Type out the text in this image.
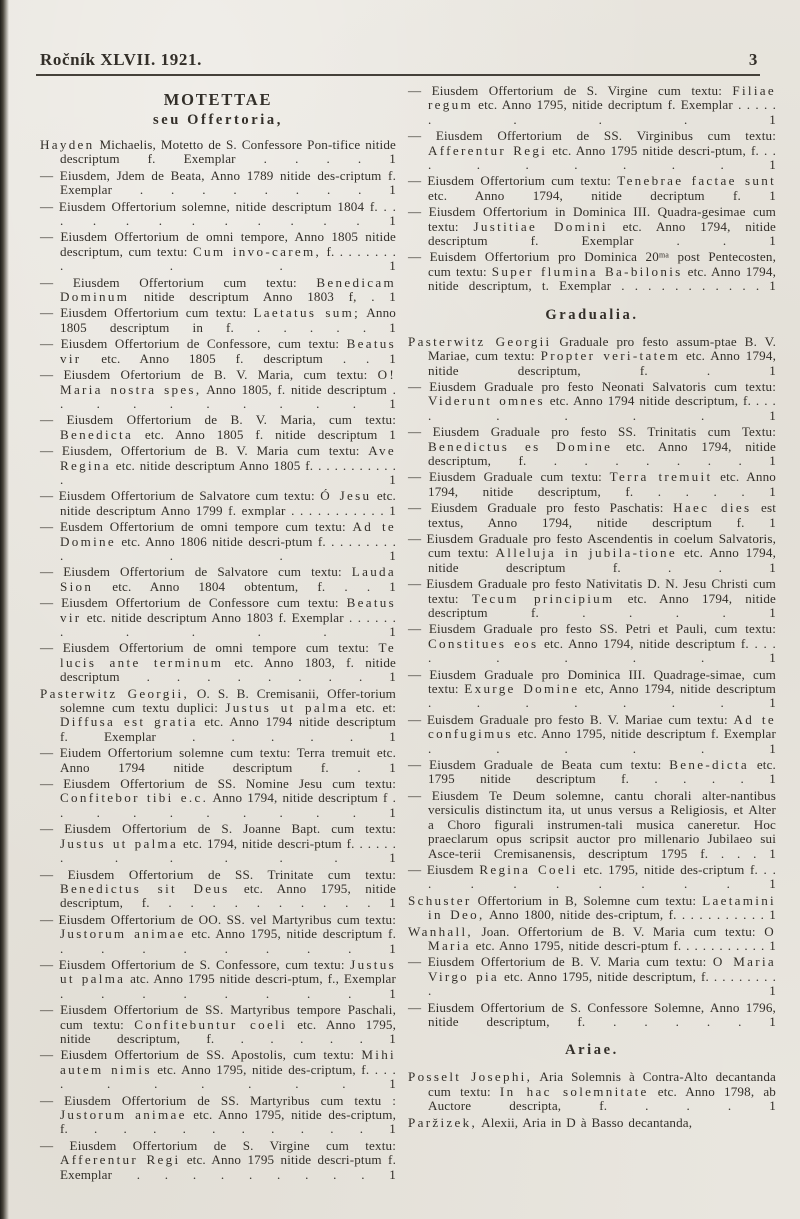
Ročník XLVII. 1921.	3
MOTETTAE
seu Offertoria,

Hayden Michaelis, Motetto de S. Confessore Pon-tifice nitide descriptum f. Exemplar . . . . 1

— Eiusdem, Jdem de Beata, Anno 1789 nitide des-criptum f. Exemplar . . . . . . . . 1

— Eiusdem Offertorium solemne, nitide descriptum 1804 f. . . . . . . . . . . . . 1

— Eiusdem Offertorium de omni tempore, Anno 1805 nitide descriptum, cum textu: Cum invo-carem, f. . . . . . . . . . . 1

— Eiusdem Offertorium cum textu: Benedicam Dominum nitide descriptum Anno 1803 f, . 1

— Eiusdem Offertorium cum textu: Laetatus sum; Anno 1805 descriptum in f. . . . . . 1

— Eiusdem Offertorium de Confessore, cum textu: Beatus vir etc. Anno 1805 f. descriptum . . 1

— Eiusdem Ofertorium de B. V. Maria, cum textu: O! Maria nostra spes, Anno 1805, f. nitide descriptum . . . . . . . . . . 1

— Eiusdem Offertorium de B. V. Maria, cum textu: Benedicta etc. Anno 1805 f. nitide descriptum 1

— Eiusdem, Offertorium de B. V. Maria cum textu: Ave Regina etc. nitide descriptum Anno 1805 f. . . . . . . . . . . . 1

— Eiusdem Offertorium de Salvatore cum textu: Ó Jesu etc. nitide descriptum Anno 1799 f. exmplar . . . . . . . . . . . 1

— Eusdem Offertorium de omni tempore cum textu: Ad te Domine etc. Anno 1806 nitide descri-ptum f. . . . . . . . . . . . 1

— Eiusdem Offertorium de Salvatore cum textu: Lauda Sion etc. Anno 1804 obtentum, f. . . 1

— Eiusdem Offertorium de Confessore cum textu: Beatus vir etc. nitide descriptum Anno 1803 f. Exemplar . . . . . . . . . . . 1

— Eiusdem Offertorium de omni tempore cum textu: Te lucis ante terminum etc. Anno 1803, f. nitide descriptum . . . . . . . . 1

Pasterwitz Georgii, O. S. B. Cremisanii, Offer-torium solemne cum textu duplici: Justus ut palma etc. et: Diffusa est gratia etc. Anno 1794 nitide descriptum f. Exemplar . . . . . 1

— Eiudem Offertorium solemne cum textu: Terra tremuit etc. Anno 1794 nitide descriptum f. . 1

— Eiusdem Offertorium de SS. Nomine Jesu cum textu: Confitebor tibi e.c. Anno 1794, nitide descriptum f . . . . . . . . . . 1

— Eiusdem Offertorium de S. Joanne Bapt. cum textu: Justus ut palma etc. 1794, nitide descri-ptum f. . . . . . . . . . . . 1

— Eiusdem Offertorium de SS. Trinitate cum textu: Benedictus sit Deus etc. Anno 1795, nitide descriptum, f. . . . . . . . . . . 1

— Eiusdem Offertorium de OO. SS. vel Martyribus cum textu: Justorum animae etc. Anno 1795, nitide descriptum f. . . . . . . . . 1

— Eiusdem Offertorium de S. Confessore, cum textu: Justus ut palma atc. Anno 1795 nitide descri-ptum, f., Exemplar . . . . . . . . 1

— Eiusdem Offertorium de SS. Martyribus tempore Paschali, cum textu: Confitebuntur coeli etc. Anno 1795, nitide descriptum, f. . . . . . 1

— Eiusdem Offertorium de SS. Apostolis, cum textu: Mihi autem nimis etc. Anno 1795, nitide des-criptum, f. . . . . . . . . . . 1

— Eiusdem Offertorium de SS. Martyribus cum textu : Justorum animae etc. Anno 1795, nitide des-criptum, f. . . . . . . . . . . 1

— Eiusdem Offertorium de S. Virgine cum textu: Afferentur Regi etc. Anno 1795 nitide descri-ptum f. Exemplar . . . . . . . . . 1

— Eiusdem Offertorium de S. Virgine cum textu: Filiae regum etc. Anno 1795, nitide decriptum f. Exemplar . . . . . . . . . 1

— Eiusdem Offertorium de SS. Virginibus cum textu: Afferentur Regi etc. Anno 1795 nitide descri-ptum, f. . . . . . . . . . 1

— Eiusdem Offertorium cum textu: Tenebrae factae sunt etc. Anno 1794, nitide decriptum f. 1

— Eiusdem Offertorium in Dominica III. Quadra-gesimae cum textu: Justitiae Domini etc. Anno 1794, nitide descriptum f. Exemplar . . 1

— Euisdem Offertorium pro Dominica 20ᵐᵃ post Pentecosten, cum textu: Super flumina Ba-bilonis etc. Anno 1794, nitide descriptum, t. Exemplar . . . . . . . . . . . 1

Gradualia.

Pasterwitz Georgii Graduale pro festo assum-ptae B. V. Mariae, cum textu: Propter veri-tatem etc. Anno 1794, nitide descriptum, f. . 1

— Eiusdem Graduale pro festo Neonati Salvatoris cum textu: Viderunt omnes etc. Anno 1794 nitide descriptum, f. . . . . . . . . 1

— Eiusdem Graduale pro festo SS. Trinitatis cum Textu: Benedictus es Domine etc. Anno 1794, nitide descriptum, f. . . . . . . . 1

— Eiusdem Graduale cum textu: Terra tremuit etc. Anno 1794, nitide descriptum, f. . . . . 1

— Eiusdem Graduale pro festo Paschatis: Haec dies est textus, Anno 1794, nitide descriptum f. 1

— Eiusdem Graduale pro festo Ascendentis in coelum Salvatoris, cum textu: Alleluja in jubila-tione etc. Anno 1794, nitide descriptum f. . . 1

— Eiusdem Graduale pro festo Nativitatis D. N. Jesu Christi cum textu: Tecum principium etc. Anno 1794, nitide descriptum f. . . . . 1

— Eiusdem Graduale pro festo SS. Petri et Pauli, cum textu: Constitues eos etc. Anno 1794, nitide descriptum f. . . . . . . . . 1

— Eiusdem Graduale pro Dominica III. Quadrage-simae, cum textu: Exurge Domine etc, Anno 1794, nitide descriptum . . . . . . . 1

— Euisdem Graduale pro festo B. V. Mariae cum textu: Ad te confugimus etc. Anno 1795, nitide descriptum f. Exemplar . . . . . 1

— Eiusdem Graduale de Beata cum textu: Bene-dicta etc. 1795 nitide descriptum f. . . . . 1

— Eiusdem Te Deum solemne, cantu chorali alter-nantibus versiculis distinctum ita, ut unus versus a Religiosis, et Alter a Choro figurali instrumen-tali musica caneretur. Hoc praeclarum opus scripsit auctor pro millenario Jubilaeo sui Asce-terii Cremisanensis, descriptum 1795 f. . . . 1

— Eiusdem Regina Coeli etc. 1795, nitide des-criptum f. . . . . . . . . . . 1

Schuster Offertorium in B, Solemne cum textu: Laetamini in Deo, Anno 1800, nitide des-criptum, f. . . . . . . . . . . 1

Wanhall, Joan. Offertorium de B. V. Maria cum textu: O Maria etc. Anno 1795, nitide descri-ptum f. . . . . . . . . . . 1

— Eiusdem Offertorium de B. V. Maria cum textu: O Maria Virgo pia etc. Anno 1795, nitide descriptum, f. . . . . . . . . . 1

— Eiusdem Offertorium de S. Confessore Solemne, Anno 1796, nitide descriptum, f. . . . . . 1

Ariae.

Posselt Josephi, Aria Solemnis à Contra-Alto decantanda cum textu: In hac solemnitate etc. Anno 1798, ab Auctore descripta, f. . . . 1

Paržizek, Alexii, Aria in D à Basso decantanda,
